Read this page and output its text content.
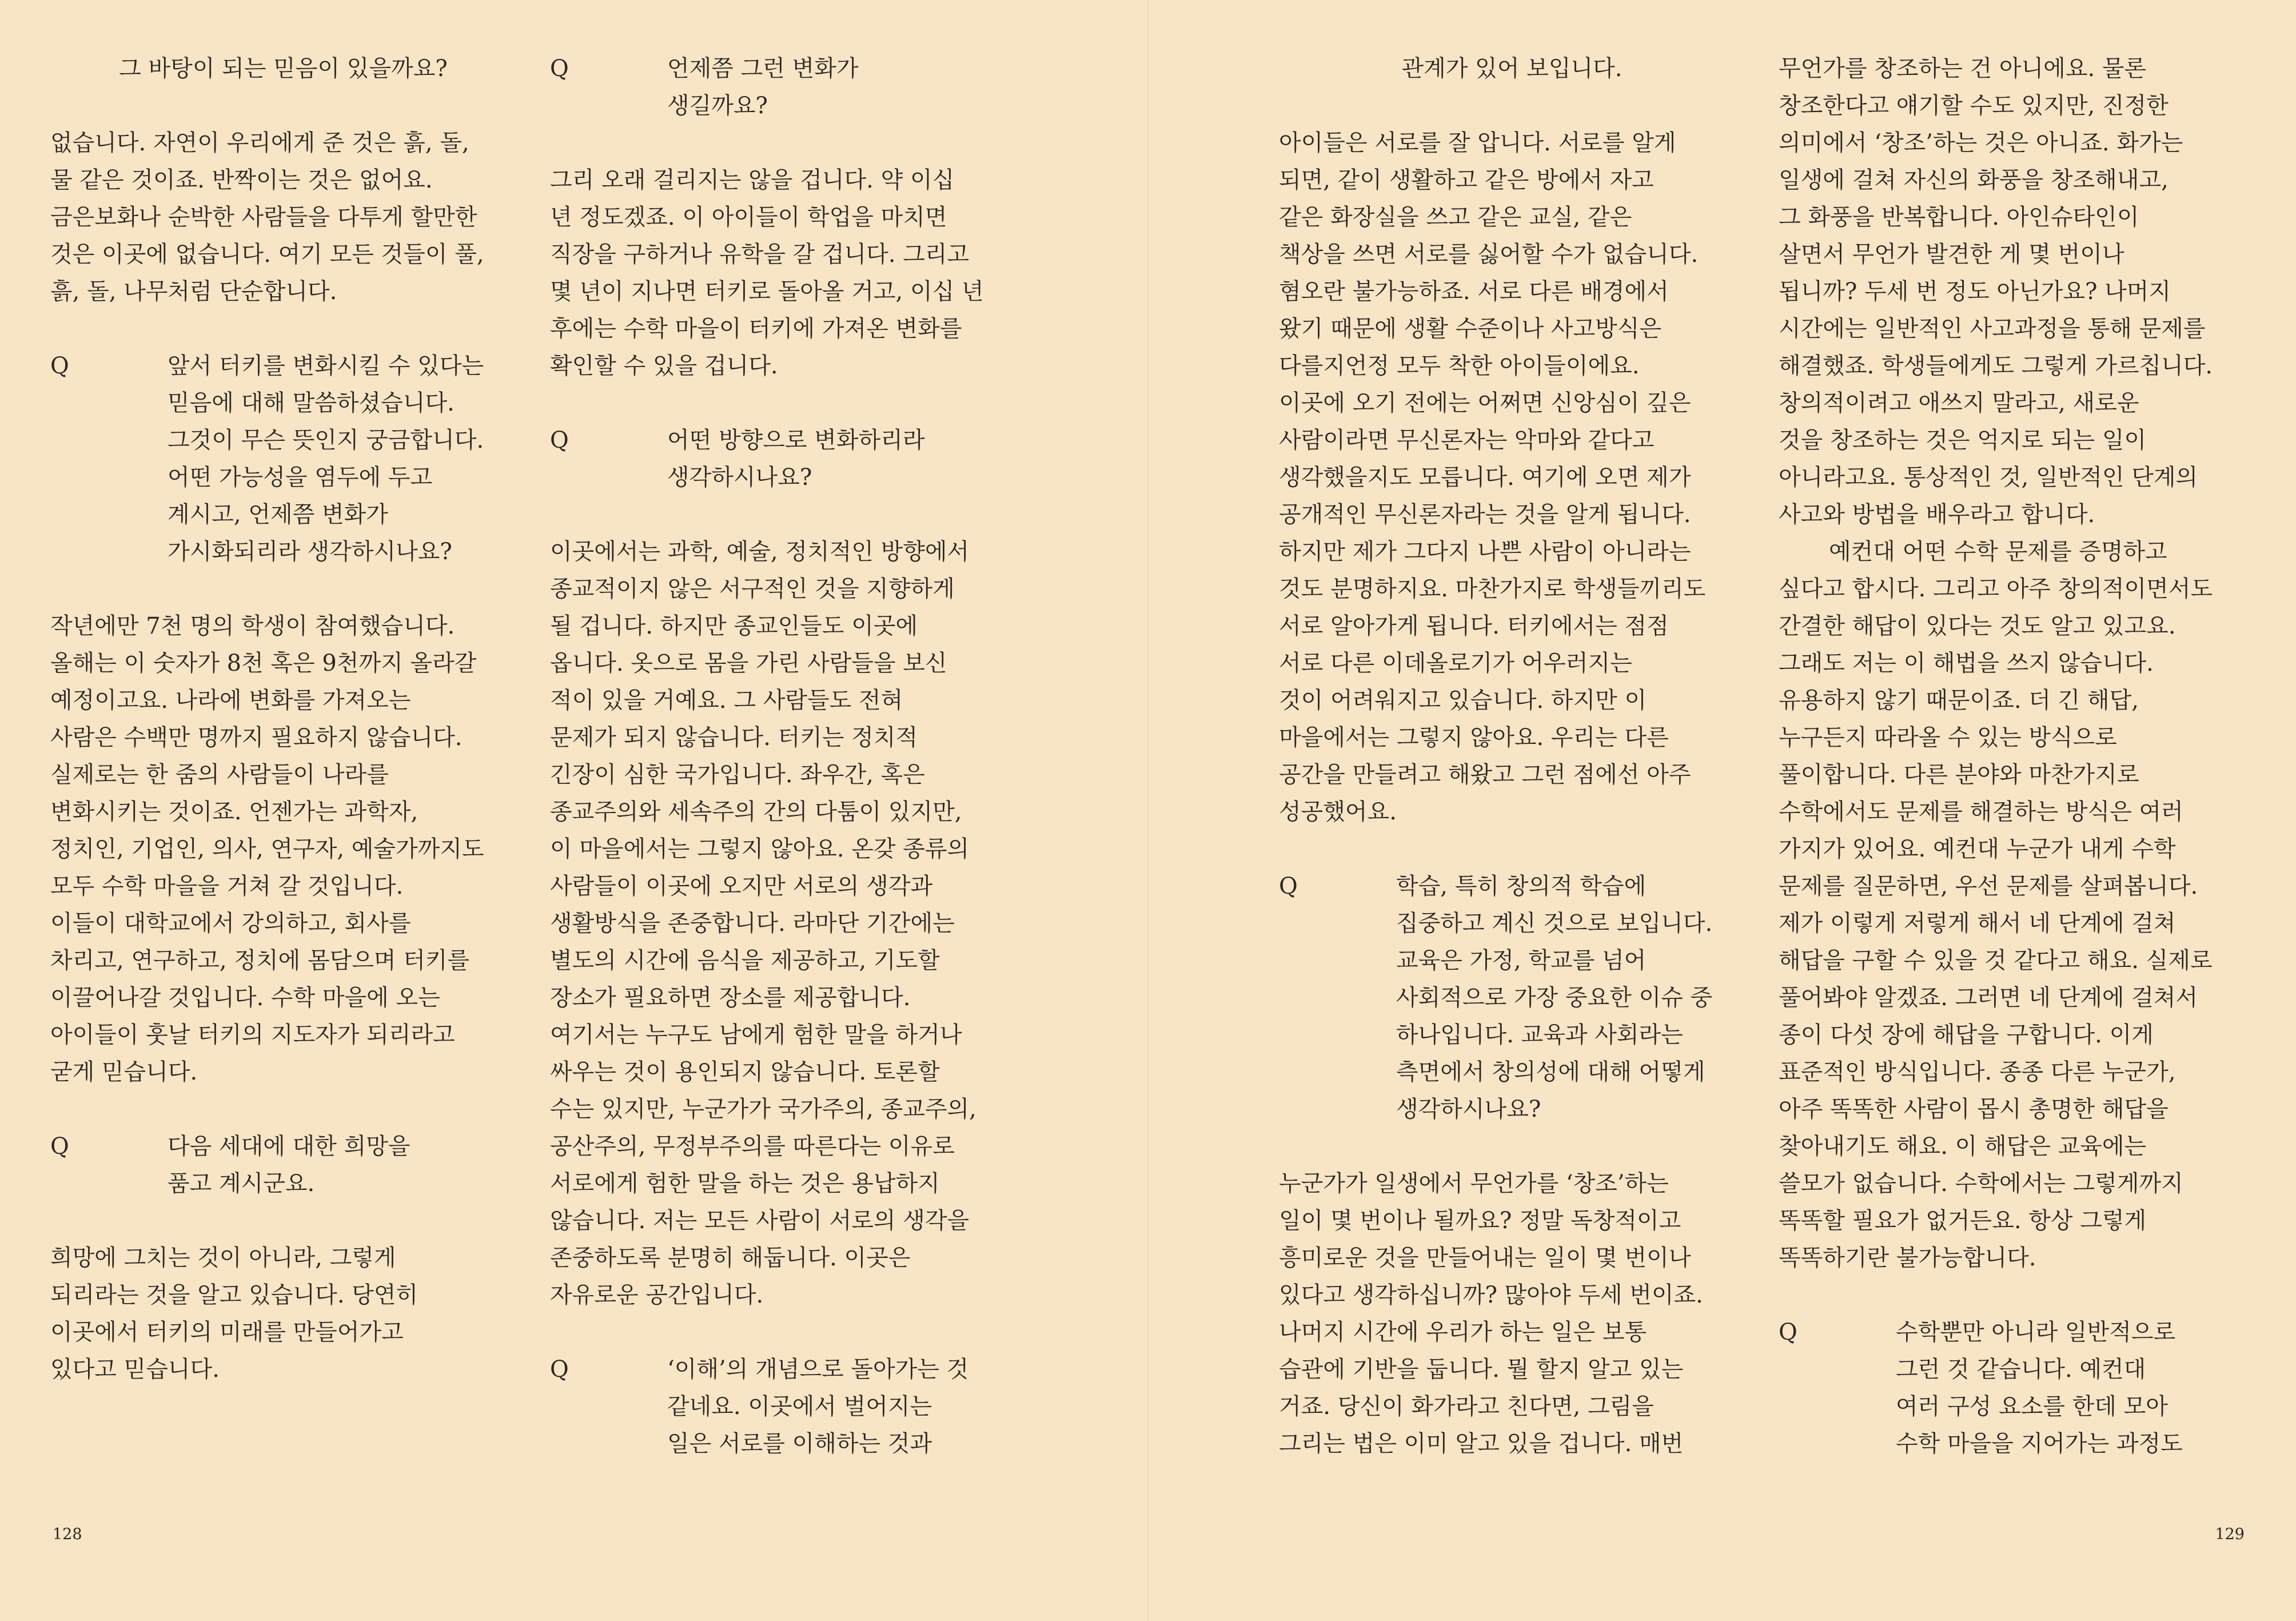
그 바탕이 되는 믿음이 있을까요?
없습니다. 자연이 우리에게 준 것은 흙, 돌,
물 같은 것이죠. 반짝이는 것은 없어요.
금은보화나 순박한 사람들을 다투게 할만한
것은 이곳에 없습니다. 여기 모든 것들이 풀,
흙, 돌, 나무처럼 단순합니다.
Q	앞서 터키를 변화시킬 수 있다는
믿음에 대해 말씀하셨습니다.
그것이 무슨 뜻인지 궁금합니다.
어떤 가능성을 염두에 두고
계시고, 언제쯤 변화가
가시화되리라 생각하시나요?
작년에만 7천 명의 학생이 참여했습니다.
올해는 이 숫자가 8천 혹은 9천까지 올라갈
예정이고요. 나라에 변화를 가져오는
사람은 수백만 명까지 필요하지 않습니다.
실제로는 한 줌의 사람들이 나라를
변화시키는 것이죠. 언젠가는 과학자,
정치인, 기업인, 의사, 연구자, 예술가까지도
모두 수학 마을을 거쳐 갈 것입니다.
이들이 대학교에서 강의하고, 회사를
차리고, 연구하고, 정치에 몸담으며 터키를
이끌어나갈 것입니다. 수학 마을에 오는
아이들이 훗날 터키의 지도자가 되리라고
굳게 믿습니다.
Q	다음 세대에 대한 희망을
품고 계시군요.
희망에 그치는 것이 아니라, 그렇게
되리라는 것을 알고 있습니다. 당연히
이곳에서 터키의 미래를 만들어가고
있다고 믿습니다.
Q	언제쯤 그런 변화가
생길까요?
그리 오래 걸리지는 않을 겁니다. 약 이십
년 정도겠죠. 이 아이들이 학업을 마치면
직장을 구하거나 유학을 갈 겁니다. 그리고
몇 년이 지나면 터키로 돌아올 거고, 이십 년
후에는 수학 마을이 터키에 가져온 변화를
확인할 수 있을 겁니다.
Q	어떤 방향으로 변화하리라
생각하시나요?
이곳에서는 과학, 예술, 정치적인 방향에서
종교적이지 않은 서구적인 것을 지향하게
될 겁니다. 하지만 종교인들도 이곳에
옵니다. 옷으로 몸을 가린 사람들을 보신
적이 있을 거예요. 그 사람들도 전혀
문제가 되지 않습니다. 터키는 정치적
긴장이 심한 국가입니다. 좌우간, 혹은
종교주의와 세속주의 간의 다툼이 있지만,
이 마을에서는 그렇지 않아요. 온갖 종류의
사람들이 이곳에 오지만 서로의 생각과
생활방식을 존중합니다. 라마단 기간에는
별도의 시간에 음식을 제공하고, 기도할
장소가 필요하면 장소를 제공합니다.
여기서는 누구도 남에게 험한 말을 하거나
싸우는 것이 용인되지 않습니다. 토론할
수는 있지만, 누군가가 국가주의, 종교주의,
공산주의, 무정부주의를 따른다는 이유로
서로에게 험한 말을 하는 것은 용납하지
않습니다. 저는 모든 사람이 서로의 생각을
존중하도록 분명히 해둡니다. 이곳은
자유로운 공간입니다.
Q	‘이해’의 개념으로 돌아가는 것
같네요. 이곳에서 벌어지는
일은 서로를 이해하는 것과
관계가 있어 보입니다.
아이들은 서로를 잘 압니다. 서로를 알게
되면, 같이 생활하고 같은 방에서 자고
같은 화장실을 쓰고 같은 교실, 같은
책상을 쓰면 서로를 싫어할 수가 없습니다.
혐오란 불가능하죠. 서로 다른 배경에서
왔기 때문에 생활 수준이나 사고방식은
다를지언정 모두 착한 아이들이에요.
이곳에 오기 전에는 어쩌면 신앙심이 깊은
사람이라면 무신론자는 악마와 같다고
생각했을지도 모릅니다. 여기에 오면 제가
공개적인 무신론자라는 것을 알게 됩니다.
하지만 제가 그다지 나쁜 사람이 아니라는
것도 분명하지요. 마찬가지로 학생들끼리도
서로 알아가게 됩니다. 터키에서는 점점
서로 다른 이데올로기가 어우러지는
것이 어려워지고 있습니다. 하지만 이
마을에서는 그렇지 않아요. 우리는 다른
공간을 만들려고 해왔고 그런 점에선 아주
성공했어요.
Q	학습, 특히 창의적 학습에
집중하고 계신 것으로 보입니다.
교육은 가정, 학교를 넘어
사회적으로 가장 중요한 이슈 중
하나입니다. 교육과 사회라는
측면에서 창의성에 대해 어떻게
생각하시나요?
누군가가 일생에서 무언가를 ‘창조’하는
일이 몇 번이나 될까요? 정말 독창적이고
흥미로운 것을 만들어내는 일이 몇 번이나
있다고 생각하십니까? 많아야 두세 번이죠.
나머지 시간에 우리가 하는 일은 보통
습관에 기반을 둡니다. 뭘 할지 알고 있는
거죠. 당신이 화가라고 친다면, 그림을
그리는 법은 이미 알고 있을 겁니다. 매번
무언가를 창조하는 건 아니에요. 물론
창조한다고 얘기할 수도 있지만, 진정한
의미에서 ‘창조’하는 것은 아니죠. 화가는
일생에 걸쳐 자신의 화풍을 창조해내고,
그 화풍을 반복합니다. 아인슈타인이
살면서 무언가 발견한 게 몇 번이나
됩니까? 두세 번 정도 아닌가요? 나머지
시간에는 일반적인 사고과정을 통해 문제를
해결했죠. 학생들에게도 그렇게 가르칩니다.
창의적이려고 애쓰지 말라고, 새로운
것을 창조하는 것은 억지로 되는 일이
아니라고요. 통상적인 것, 일반적인 단계의
사고와 방법을 배우라고 합니다.
예컨대 어떤 수학 문제를 증명하고
싶다고 합시다. 그리고 아주 창의적이면서도
간결한 해답이 있다는 것도 알고 있고요.
그래도 저는 이 해법을 쓰지 않습니다.
유용하지 않기 때문이죠. 더 긴 해답,
누구든지 따라올 수 있는 방식으로
풀이합니다. 다른 분야와 마찬가지로
수학에서도 문제를 해결하는 방식은 여러
가지가 있어요. 예컨대 누군가 내게 수학
문제를 질문하면, 우선 문제를 살펴봅니다.
제가 이렇게 저렇게 해서 네 단계에 걸쳐
해답을 구할 수 있을 것 같다고 해요. 실제로
풀어봐야 알겠죠. 그러면 네 단계에 걸쳐서
종이 다섯 장에 해답을 구합니다. 이게
표준적인 방식입니다. 종종 다른 누군가,
아주 똑똑한 사람이 몹시 총명한 해답을
찾아내기도 해요. 이 해답은 교육에는
쓸모가 없습니다. 수학에서는 그렇게까지
똑똑할 필요가 없거든요. 항상 그렇게
똑똑하기란 불가능합니다.
Q	수학뿐만 아니라 일반적으로
그런 것 같습니다. 예컨대
여러 구성 요소를 한데 모아
수학 마을을 지어가는 과정도
128	129
